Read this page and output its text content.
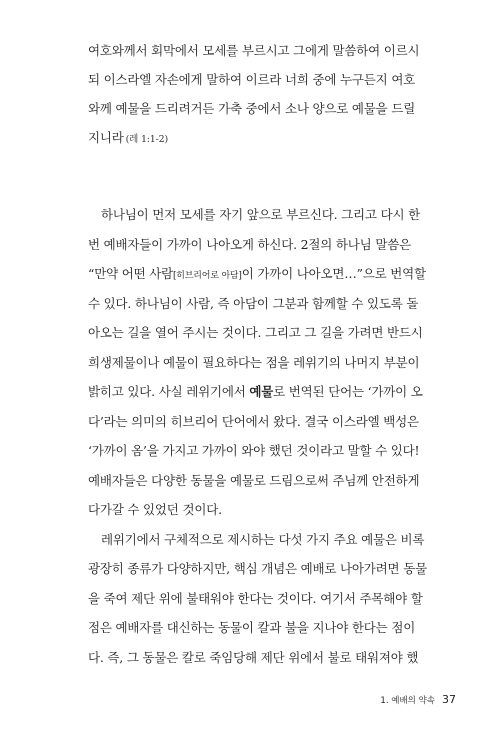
여호와께서 회막에서 모세를 부르시고 그에게 말씀하여 이르시
되 이스라엘 자손에게 말하여 이르라 너희 중에 누구든지 여호
와께 예물을 드리려거든 가축 중에서 소나 양으로 예물을 드릴
지니라 (레 1:1-2)
하나님이 먼저 모세를 자기 앞으로 부르신다. 그리고 다시 한
번 예배자들이 가까이 나아오게 하신다. 2절의 하나님 말씀은
“만약 어떤 사람[히브리어로 아담]이 가까이 나아오면…”으로 번역할
수 있다. 하나님이 사람, 즉 아담이 그분과 함께할 수 있도록 돌
아오는 길을 열어 주시는 것이다. 그리고 그 길을 가려면 반드시
희생제물이나 예물이 필요하다는 점을 레위기의 나머지 부분이
밝히고 있다. 사실 레위기에서 예물로 번역된 단어는 ‘가까이 오
다’라는 의미의 히브리어 단어에서 왔다. 결국 이스라엘 백성은
‘가까이 옴’을 가지고 가까이 와야 했던 것이라고 말할 수 있다!
예배자들은 다양한 동물을 예물로 드림으로써 주님께 안전하게
다가갈 수 있었던 것이다.
레위기에서 구체적으로 제시하는 다섯 가지 주요 예물은 비록
광장히 종류가 다양하지만, 핵심 개념은 예배로 나아가려면 동물
을 죽여 제단 위에 불태워야 한다는 것이다. 여기서 주목해야 할
점은 예배자를 대신하는 동물이 칼과 불을 지나야 한다는 점이
다. 즉, 그 동물은 칼로 죽임당해 제단 위에서 불로 태워져야 했
1. 예배의 약속 37
